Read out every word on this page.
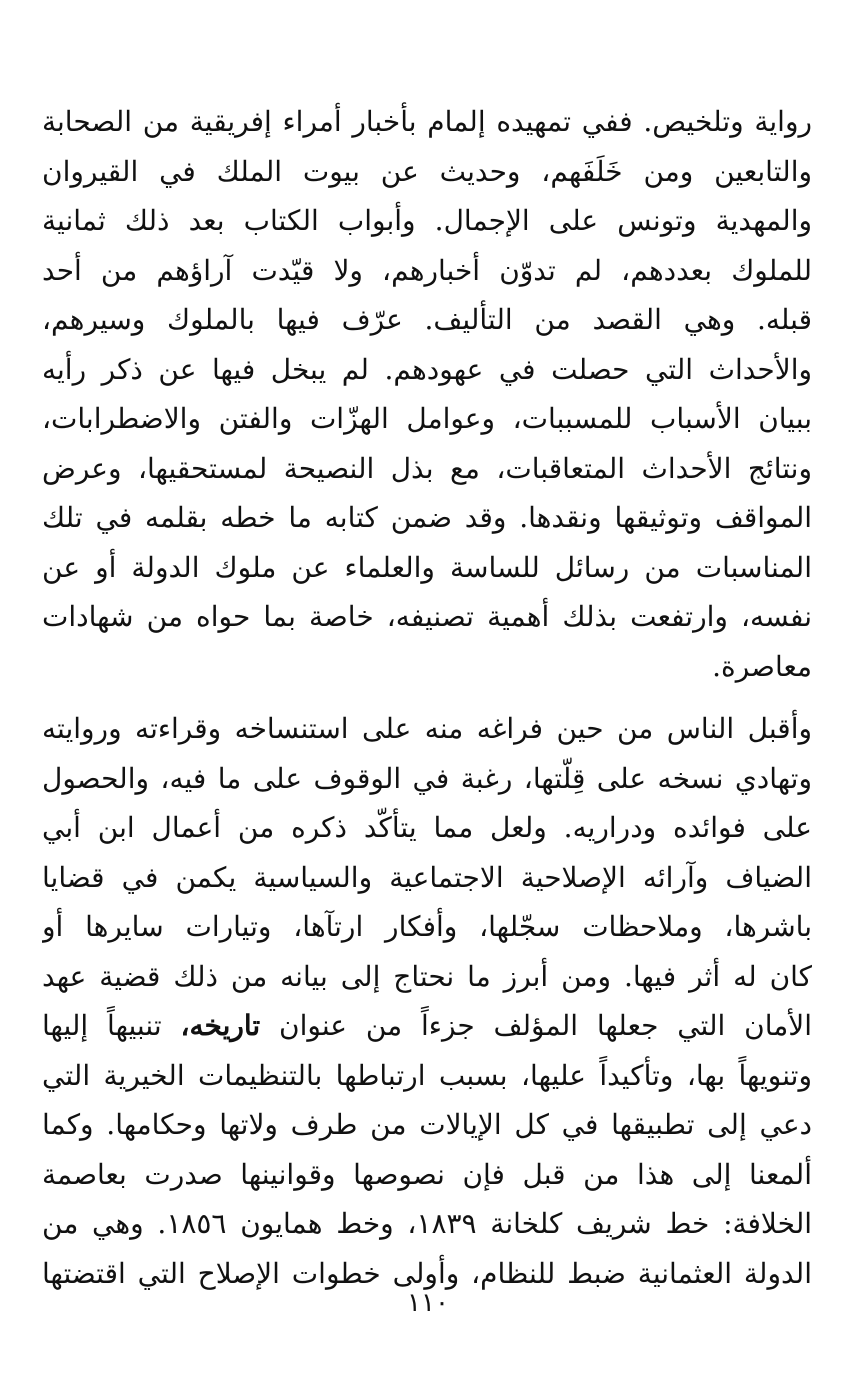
رواية وتلخيص. ففي تمهيده إلمام بأخبار أمراء إفريقية من الصحابة
والتابعين ومن خَلَفَهم، وحديث عن بيوت الملك في القيروان
والمهدية وتونس على الإجمال. وأبواب الكتاب بعد ذلك ثمانية
للملوك بعددهم، لم تدوّن أخبارهم، ولا قيّدت آراؤهم من أحد
قبله. وهي القصد من التأليف. عرّف فيها بالملوك وسيرهم،
والأحداث التي حصلت في عهودهم. لم يبخل فيها عن ذكر رأيه
ببيان الأسباب للمسببات، وعوامل الهزّات والفتن والاضطرابات،
ونتائج الأحداث المتعاقبات، مع بذل النصيحة لمستحقيها، وعرض
المواقف وتوثيقها ونقدها. وقد ضمن كتابه ما خطه بقلمه في تلك
المناسبات من رسائل للساسة والعلماء عن ملوك الدولة أو عن
نفسه، وارتفعت بذلك أهمية تصنيفه، خاصة بما حواه من شهادات
معاصرة.
وأقبل الناس من حين فراغه منه على استنساخه وقراءته وروايته
وتهادي نسخه على قِلّتها، رغبة في الوقوف على ما فيه، والحصول
على فوائده ودراريه. ولعل مما يتأكّد ذكره من أعمال ابن أبي
الضياف وآرائه الإصلاحية الاجتماعية والسياسية يكمن في قضايا
باشرها، وملاحظات سجّلها، وأفكار ارتآها، وتيارات سايرها أو
كان له أثر فيها. ومن أبرز ما نحتاج إلى بيانه من ذلك قضية عهد
الأمان التي جعلها المؤلف جزءاً من عنوان تاريخه، تنبيهاً إليها
وتنويهاً بها، وتأكيداً عليها، بسبب ارتباطها بالتنظيمات الخيرية التي
دعي إلى تطبيقها في كل الإيالات من طرف ولاتها وحكامها. وكما
ألمعنا إلى هذا من قبل فإن نصوصها وقوانينها صدرت بعاصمة
الخلافة: خط شريف كلخانة ١٨٣٩، وخط همايون ١٨٥٦. وهي من
الدولة العثمانية ضبط للنظام، وأولى خطوات الإصلاح التي اقتضتها
١١٠
